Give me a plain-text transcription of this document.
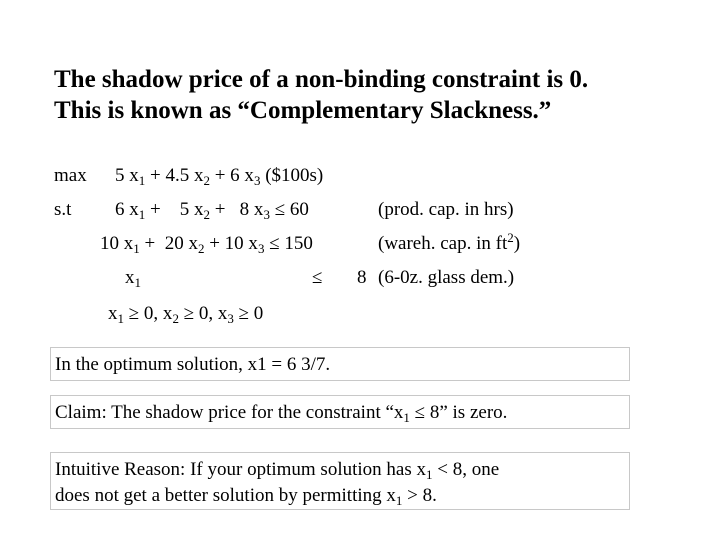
The shadow price of a non-binding constraint is 0.
This is known as “Complementary Slackness.”
max 5 $x_1 + 4.5$ $x_2 + 6$ $x_3$ ($100s)
s.t 6 $x_1$ +    5 $x_2 + 8$ $x_3 \le 60$	(prod. cap. in hrs)
10 $x_1 + 20$ $x_2 + 10$ $x_3 \le 150$	(wareh. cap. in $ft^2$)
$x_1$	≤ 8 (6-0z. glass dem.)
$x_1 \ge 0$, $x_2 \ge 0$, $x_3 \ge 0$
In the optimum solution, x1 = 6 3/7.
Claim: The shadow price for the constraint “$x_1 \le 8$” is zero.
Intuitive Reason: If your optimum solution has $x_1 < 8$, one
does not get a better solution by permitting $x_1 > 8$.
